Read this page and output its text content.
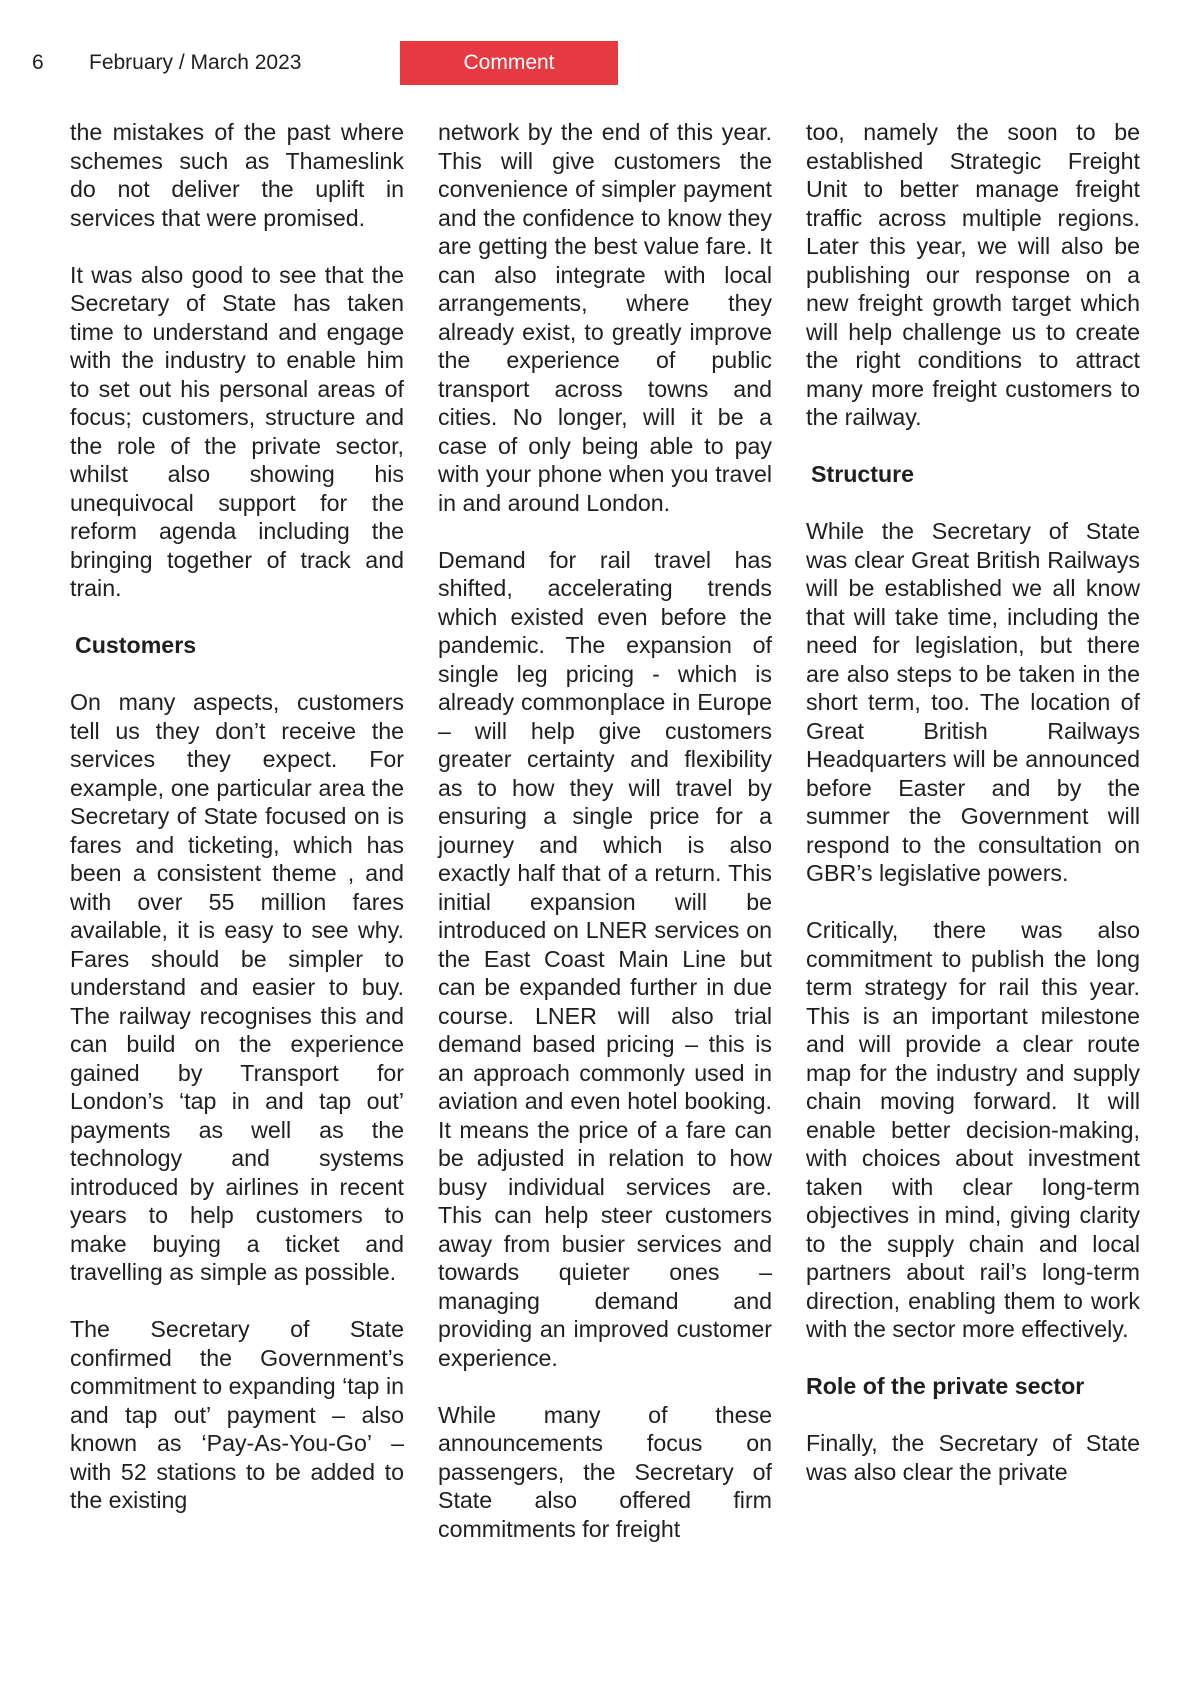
6 February / March 2023	Comment

the mistakes of the past where schemes such as Thameslink do not deliver the uplift in services that were promised.

It was also good to see that the Secretary of State has taken time to understand and engage with the industry to enable him to set out his personal areas of focus; customers, structure and the role of the private sector, whilst also showing his unequivocal support for the reform agenda including the bringing together of track and train.

Customers

On many aspects, customers tell us they don’t receive the services they expect. For example, one particular area the Secretary of State focused on is fares and ticketing, which has been a consistent theme , and with over 55 million fares available, it is easy to see why. Fares should be simpler to understand and easier to buy. The railway recognises this and can build on the experience gained by Transport for London’s ‘tap in and tap out’ payments as well as the technology and systems introduced by airlines in recent years to help customers to make buying a ticket and travelling as simple as possible.

The Secretary of State confirmed the Government’s commitment to expanding ‘tap in and tap out’ payment – also known as ‘Pay-As-You-Go’ – with 52 stations to be added to the existing

network by the end of this year. This will give customers the convenience of simpler payment and the confidence to know they are getting the best value fare. It can also integrate with local arrangements, where they already exist, to greatly improve the experience of public transport across towns and cities. No longer, will it be a case of only being able to pay with your phone when you travel in and around London.

Demand for rail travel has shifted, accelerating trends which existed even before the pandemic. The expansion of single leg pricing - which is already commonplace in Europe – will help give customers greater certainty and flexibility as to how they will travel by ensuring a single price for a journey and which is also exactly half that of a return. This initial expansion will be introduced on LNER services on the East Coast Main Line but can be expanded further in due course. LNER will also trial demand based pricing – this is an approach commonly used in aviation and even hotel booking. It means the price of a fare can be adjusted in relation to how busy individual services are. This can help steer customers away from busier services and towards quieter ones – managing demand and providing an improved customer experience.

While many of these announcements focus on passengers, the Secretary of State also offered firm commitments for freight

too, namely the soon to be established Strategic Freight Unit to better manage freight traffic across multiple regions. Later this year, we will also be publishing our response on a new freight growth target which will help challenge us to create the right conditions to attract many more freight customers to the railway.

Structure

While the Secretary of State was clear Great British Railways will be established we all know that will take time, including the need for legislation, but there are also steps to be taken in the short term, too. The location of Great British Railways Headquarters will be announced before Easter and by the summer the Government will respond to the consultation on GBR’s legislative powers.

Critically, there was also commitment to publish the long term strategy for rail this year. This is an important milestone and will provide a clear route map for the industry and supply chain moving forward. It will enable better decision-making, with choices about investment taken with clear long-term objectives in mind, giving clarity to the supply chain and local partners about rail’s long-term direction, enabling them to work with the sector more effectively.

Role of the private sector

Finally, the Secretary of State was also clear the private
